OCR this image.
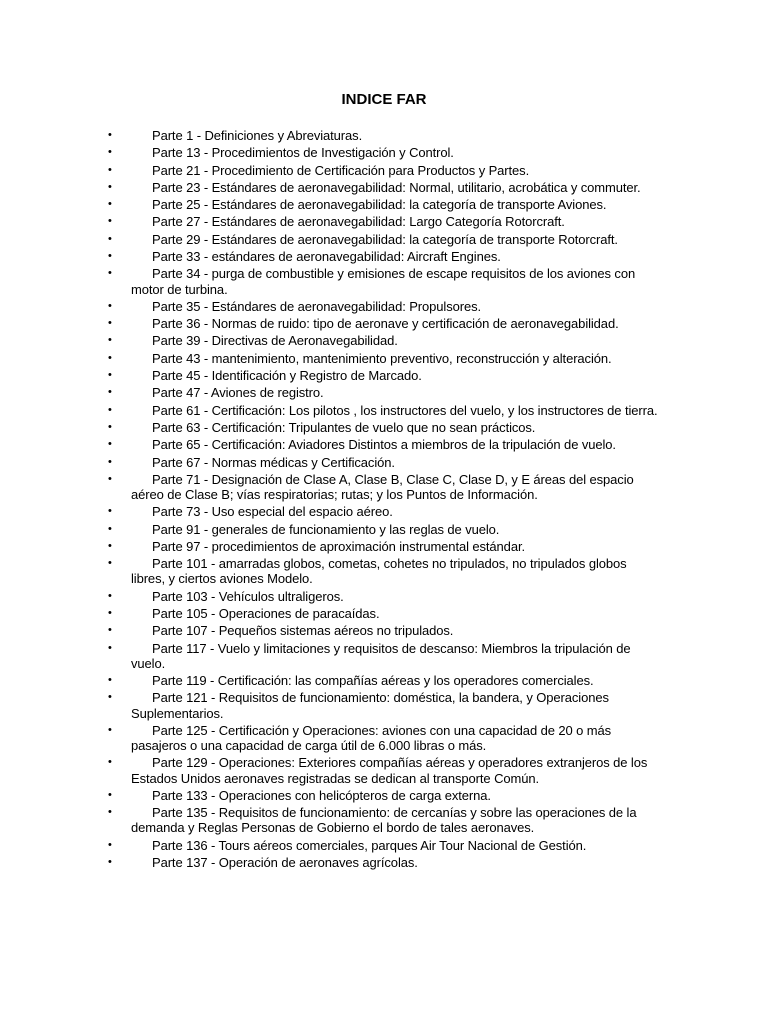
INDICE FAR
•	Parte 1 - Definiciones y Abreviaturas.
•	Parte 13 - Procedimientos de Investigación y Control.
•	Parte 21 - Procedimiento de Certificación para Productos y Partes.
•	Parte 23 - Estándares de aeronavegabilidad: Normal, utilitario, acrobática y commuter.
•	Parte 25 - Estándares de aeronavegabilidad: la categoría de transporte Aviones.
•	Parte 27 - Estándares de aeronavegabilidad: Largo Categoría Rotorcraft.
•	Parte 29 - Estándares de aeronavegabilidad: la categoría de transporte Rotorcraft.
•	Parte 33 - estándares de aeronavegabilidad: Aircraft Engines.
•	Parte 34 - purga de combustible y emisiones de escape requisitos de los aviones con motor de turbina.
•	Parte 35 - Estándares de aeronavegabilidad: Propulsores.
•	Parte 36 - Normas de ruido: tipo de aeronave y certificación de aeronavegabilidad.
•	Parte 39 - Directivas de Aeronavegabilidad.
•	Parte 43 - mantenimiento, mantenimiento preventivo, reconstrucción y alteración.
•	Parte 45 - Identificación y Registro de Marcado.
•	Parte 47 - Aviones de registro.
•	Parte 61 - Certificación: Los pilotos , los instructores del vuelo, y los instructores de tierra.
•	Parte 63 - Certificación: Tripulantes de vuelo que no sean prácticos.
•	Parte 65 - Certificación: Aviadores Distintos a miembros de la tripulación de vuelo.
•	Parte 67 - Normas médicas y Certificación.
•	Parte 71 - Designación de Clase A, Clase B, Clase C, Clase D, y E áreas del espacio aéreo de Clase B; vías respiratorias; rutas; y los Puntos de Información.
•	Parte 73 - Uso especial del espacio aéreo.
•	Parte 91 - generales de funcionamiento y las reglas de vuelo.
•	Parte 97 - procedimientos de aproximación instrumental estándar.
•	Parte 101 - amarradas globos, cometas, cohetes no tripulados, no tripulados globos libres, y ciertos aviones Modelo.
•	Parte 103 - Vehículos ultraligeros.
•	Parte 105 - Operaciones de paracaídas.
•	Parte 107 - Pequeños sistemas aéreos no tripulados.
•	Parte 117 - Vuelo y limitaciones y requisitos de descanso: Miembros la tripulación de vuelo.
•	Parte 119 - Certificación: las compañías aéreas y los operadores comerciales.
•	Parte 121 - Requisitos de funcionamiento: doméstica, la bandera, y Operaciones Suplementarios.
•	Parte 125 - Certificación y Operaciones: aviones con una capacidad de 20 o más pasajeros o una capacidad de carga útil de 6.000 libras o más.
•	Parte 129 - Operaciones: Exteriores compañías aéreas y operadores extranjeros de los Estados Unidos aeronaves registradas se dedican al transporte Común.
•	Parte 133 - Operaciones con helicópteros de carga externa.
•	Parte 135 - Requisitos de funcionamiento: de cercanías y sobre las operaciones de la demanda y Reglas Personas de Gobierno el bordo de tales aeronaves.
•	Parte 136 - Tours aéreos comerciales, parques Air Tour Nacional de Gestión.
•	Parte 137 - Operación de aeronaves agrícolas.
